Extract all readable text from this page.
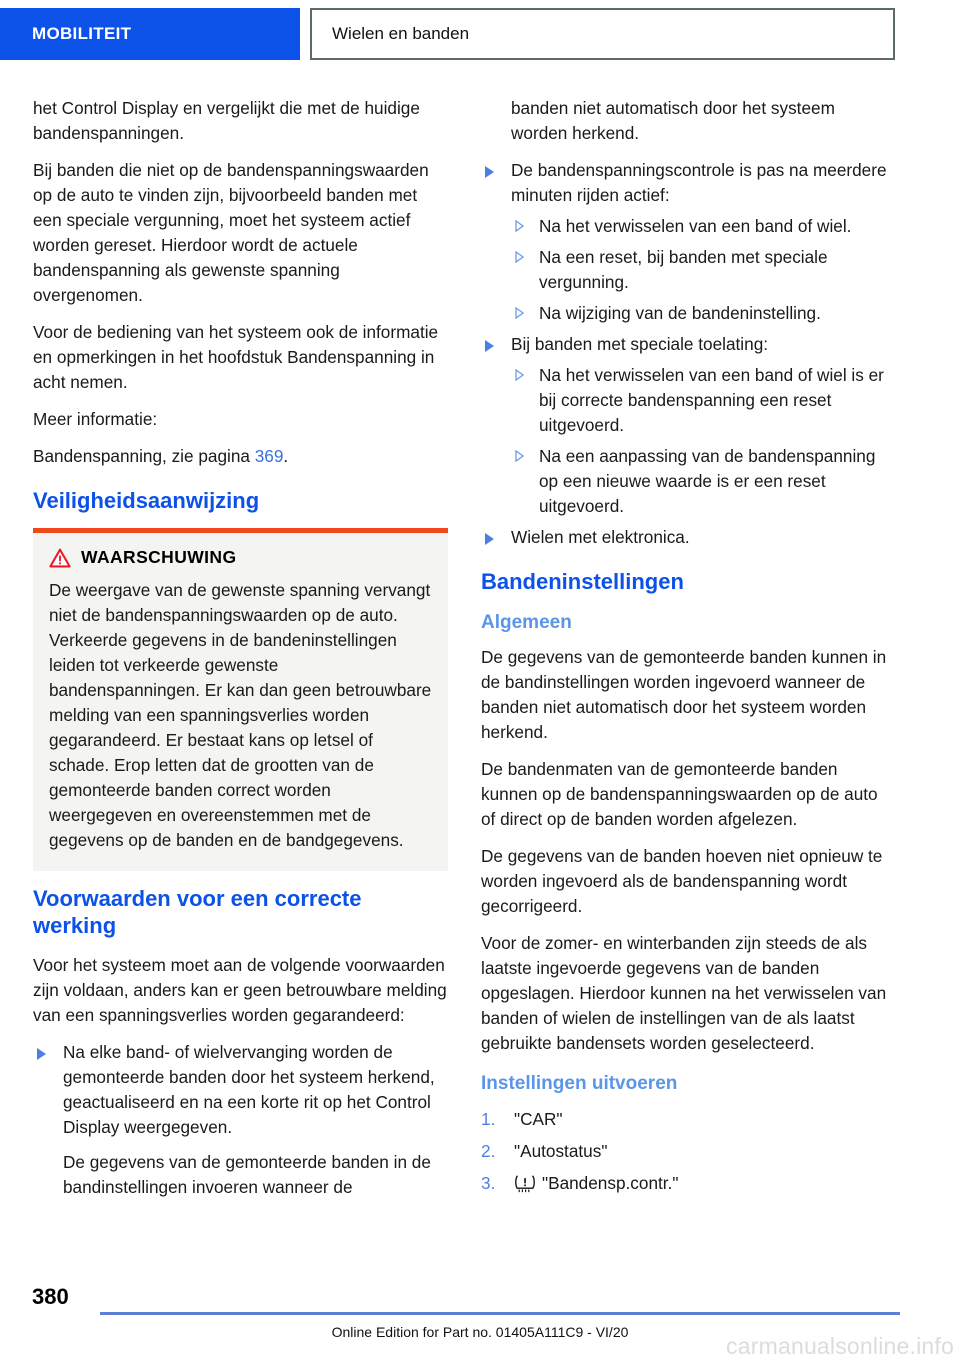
MOBILITEIT	Wielen en banden

het Control Display en vergelijkt die met de huidige bandenspanningen.

Bij banden die niet op de bandenspanningswaarden op de auto te vinden zijn, bijvoorbeeld banden met een speciale vergunning, moet het systeem actief worden gereset. Hierdoor wordt de actuele bandenspanning als gewenste spanning overgenomen.

Voor de bediening van het systeem ook de informatie en opmerkingen in het hoofdstuk Bandenspanning in acht nemen.

Meer informatie:

Bandenspanning, zie pagina 369.

Veiligheidsaanwijzing
WAARSCHUWING

De weergave van de gewenste spanning vervangt niet de bandenspanningswaarden op de auto. Verkeerde gegevens in de bandeninstellingen leiden tot verkeerde gewenste bandenspanningen. Er kan dan geen betrouwbare melding van een spanningsverlies worden gegarandeerd. Er bestaat kans op letsel of schade. Erop letten dat de grootten van de gemonteerde banden correct worden weergegeven en overeenstemmen met de gegevens op de banden en de bandgegevens.

Voorwaarden voor een correcte werking

Voor het systeem moet aan de volgende voorwaarden zijn voldaan, anders kan er geen betrouwbare melding van een spanningsverlies worden gegarandeerd:

Na elke band- of wielvervanging worden de gemonteerde banden door het systeem herkend, geactualiseerd en na een korte rit op het Control Display weergegeven.
De gegevens van de gemonteerde banden in de bandinstellingen invoeren wanneer de

banden niet automatisch door het systeem worden herkend.

De bandenspanningscontrole is pas na meerdere minuten rijden actief:
Na het verwisselen van een band of wiel.
Na een reset, bij banden met speciale vergunning.
Na wijziging van de bandeninstelling.
Bij banden met speciale toelating:
Na het verwisselen van een band of wiel is er bij correcte bandenspanning een reset uitgevoerd.
Na een aanpassing van de bandenspanning op een nieuwe waarde is er een reset uitgevoerd.
Wielen met elektronica.
Bandeninstellingen
Algemeen

De gegevens van de gemonteerde banden kunnen in de bandinstellingen worden ingevoerd wanneer de banden niet automatisch door het systeem worden herkend.

De bandenmaten van de gemonteerde banden kunnen op de bandenspanningswaarden op de auto of direct op de banden worden afgelezen.

De gegevens van de banden hoeven niet opnieuw te worden ingevoerd als de bandenspanning wordt gecorrigeerd.

Voor de zomer- en winterbanden zijn steeds de als laatste ingevoerde gegevens van de banden opgeslagen. Hierdoor kunnen na het verwisselen van banden of wielen de instellingen van de als laatst gebruikte bandensets worden geselecteerd.

Instellingen uitvoeren
"CAR"
"Autostatus"
"Bandensp.contr."
380
Online Edition for Part no. 01405A111C9 - VI/20
carmanualsonline.info
